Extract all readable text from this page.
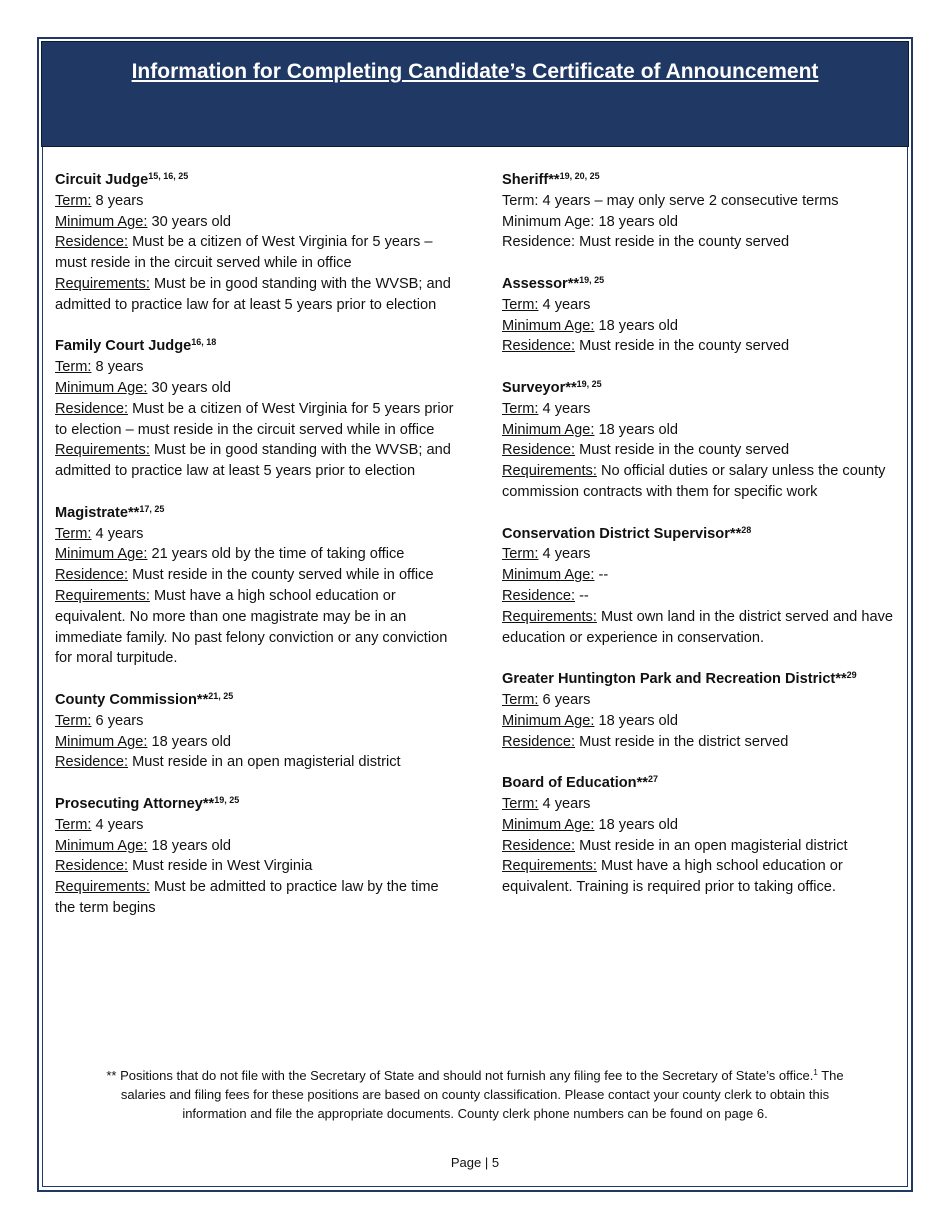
Information for Completing Candidate’s Certificate of Announcement
Circuit Judge$^{15, 16, 25}$
Term: 8 years
Minimum Age: 30 years old
Residence: Must be a citizen of West Virginia for 5 years – must reside in the circuit served while in office
Requirements: Must be in good standing with the WVSB; and admitted to practice law for at least 5 years prior to election
Family Court Judge$^{16, 18}$
Term: 8 years
Minimum Age: 30 years old
Residence: Must be a citizen of West Virginia for 5 years prior to election – must reside in the circuit served while in office
Requirements: Must be in good standing with the WVSB; and admitted to practice law at least 5 years prior to election
Magistrate**$^{17, 25}$
Term: 4 years
Minimum Age: 21 years old by the time of taking office
Residence: Must reside in the county served while in office
Requirements: Must have a high school education or equivalent. No more than one magistrate may be in an immediate family. No past felony conviction or any conviction for moral turpitude.
County Commission**$^{21, 25}$
Term: 6 years
Minimum Age: 18 years old
Residence: Must reside in an open magisterial district
Prosecuting Attorney**$^{19, 25}$
Term: 4 years
Minimum Age: 18 years old
Residence: Must reside in West Virginia
Requirements: Must be admitted to practice law by the time the term begins
Sheriff**$^{19, 20, 25}$
Term: 4 years – may only serve 2 consecutive terms
Minimum Age: 18 years old
Residence: Must reside in the county served
Assessor**$^{19, 25}$
Term: 4 years
Minimum Age: 18 years old
Residence: Must reside in the county served
Surveyor**$^{19, 25}$
Term: 4 years
Minimum Age: 18 years old
Residence: Must reside in the county served
Requirements: No official duties or salary unless the county commission contracts with them for specific work
Conservation District Supervisor**$^{28}$
Term: 4 years
Minimum Age: --
Residence: --
Requirements: Must own land in the district served and have education or experience in conservation.
Greater Huntington Park and Recreation District**$^{29}$
Term: 6 years
Minimum Age: 18 years old
Residence: Must reside in the district served
Board of Education**$^{27}$
Term: 4 years
Minimum Age: 18 years old
Residence: Must reside in an open magisterial district
Requirements: Must have a high school education or equivalent. Training is required prior to taking office.
** Positions that do not file with the Secretary of State and should not furnish any filing fee to the Secretary of State’s office.$^1$ The salaries and filing fees for these positions are based on county classification. Please contact your county clerk to obtain this information and file the appropriate documents. County clerk phone numbers can be found on page 6.
Page | 5
